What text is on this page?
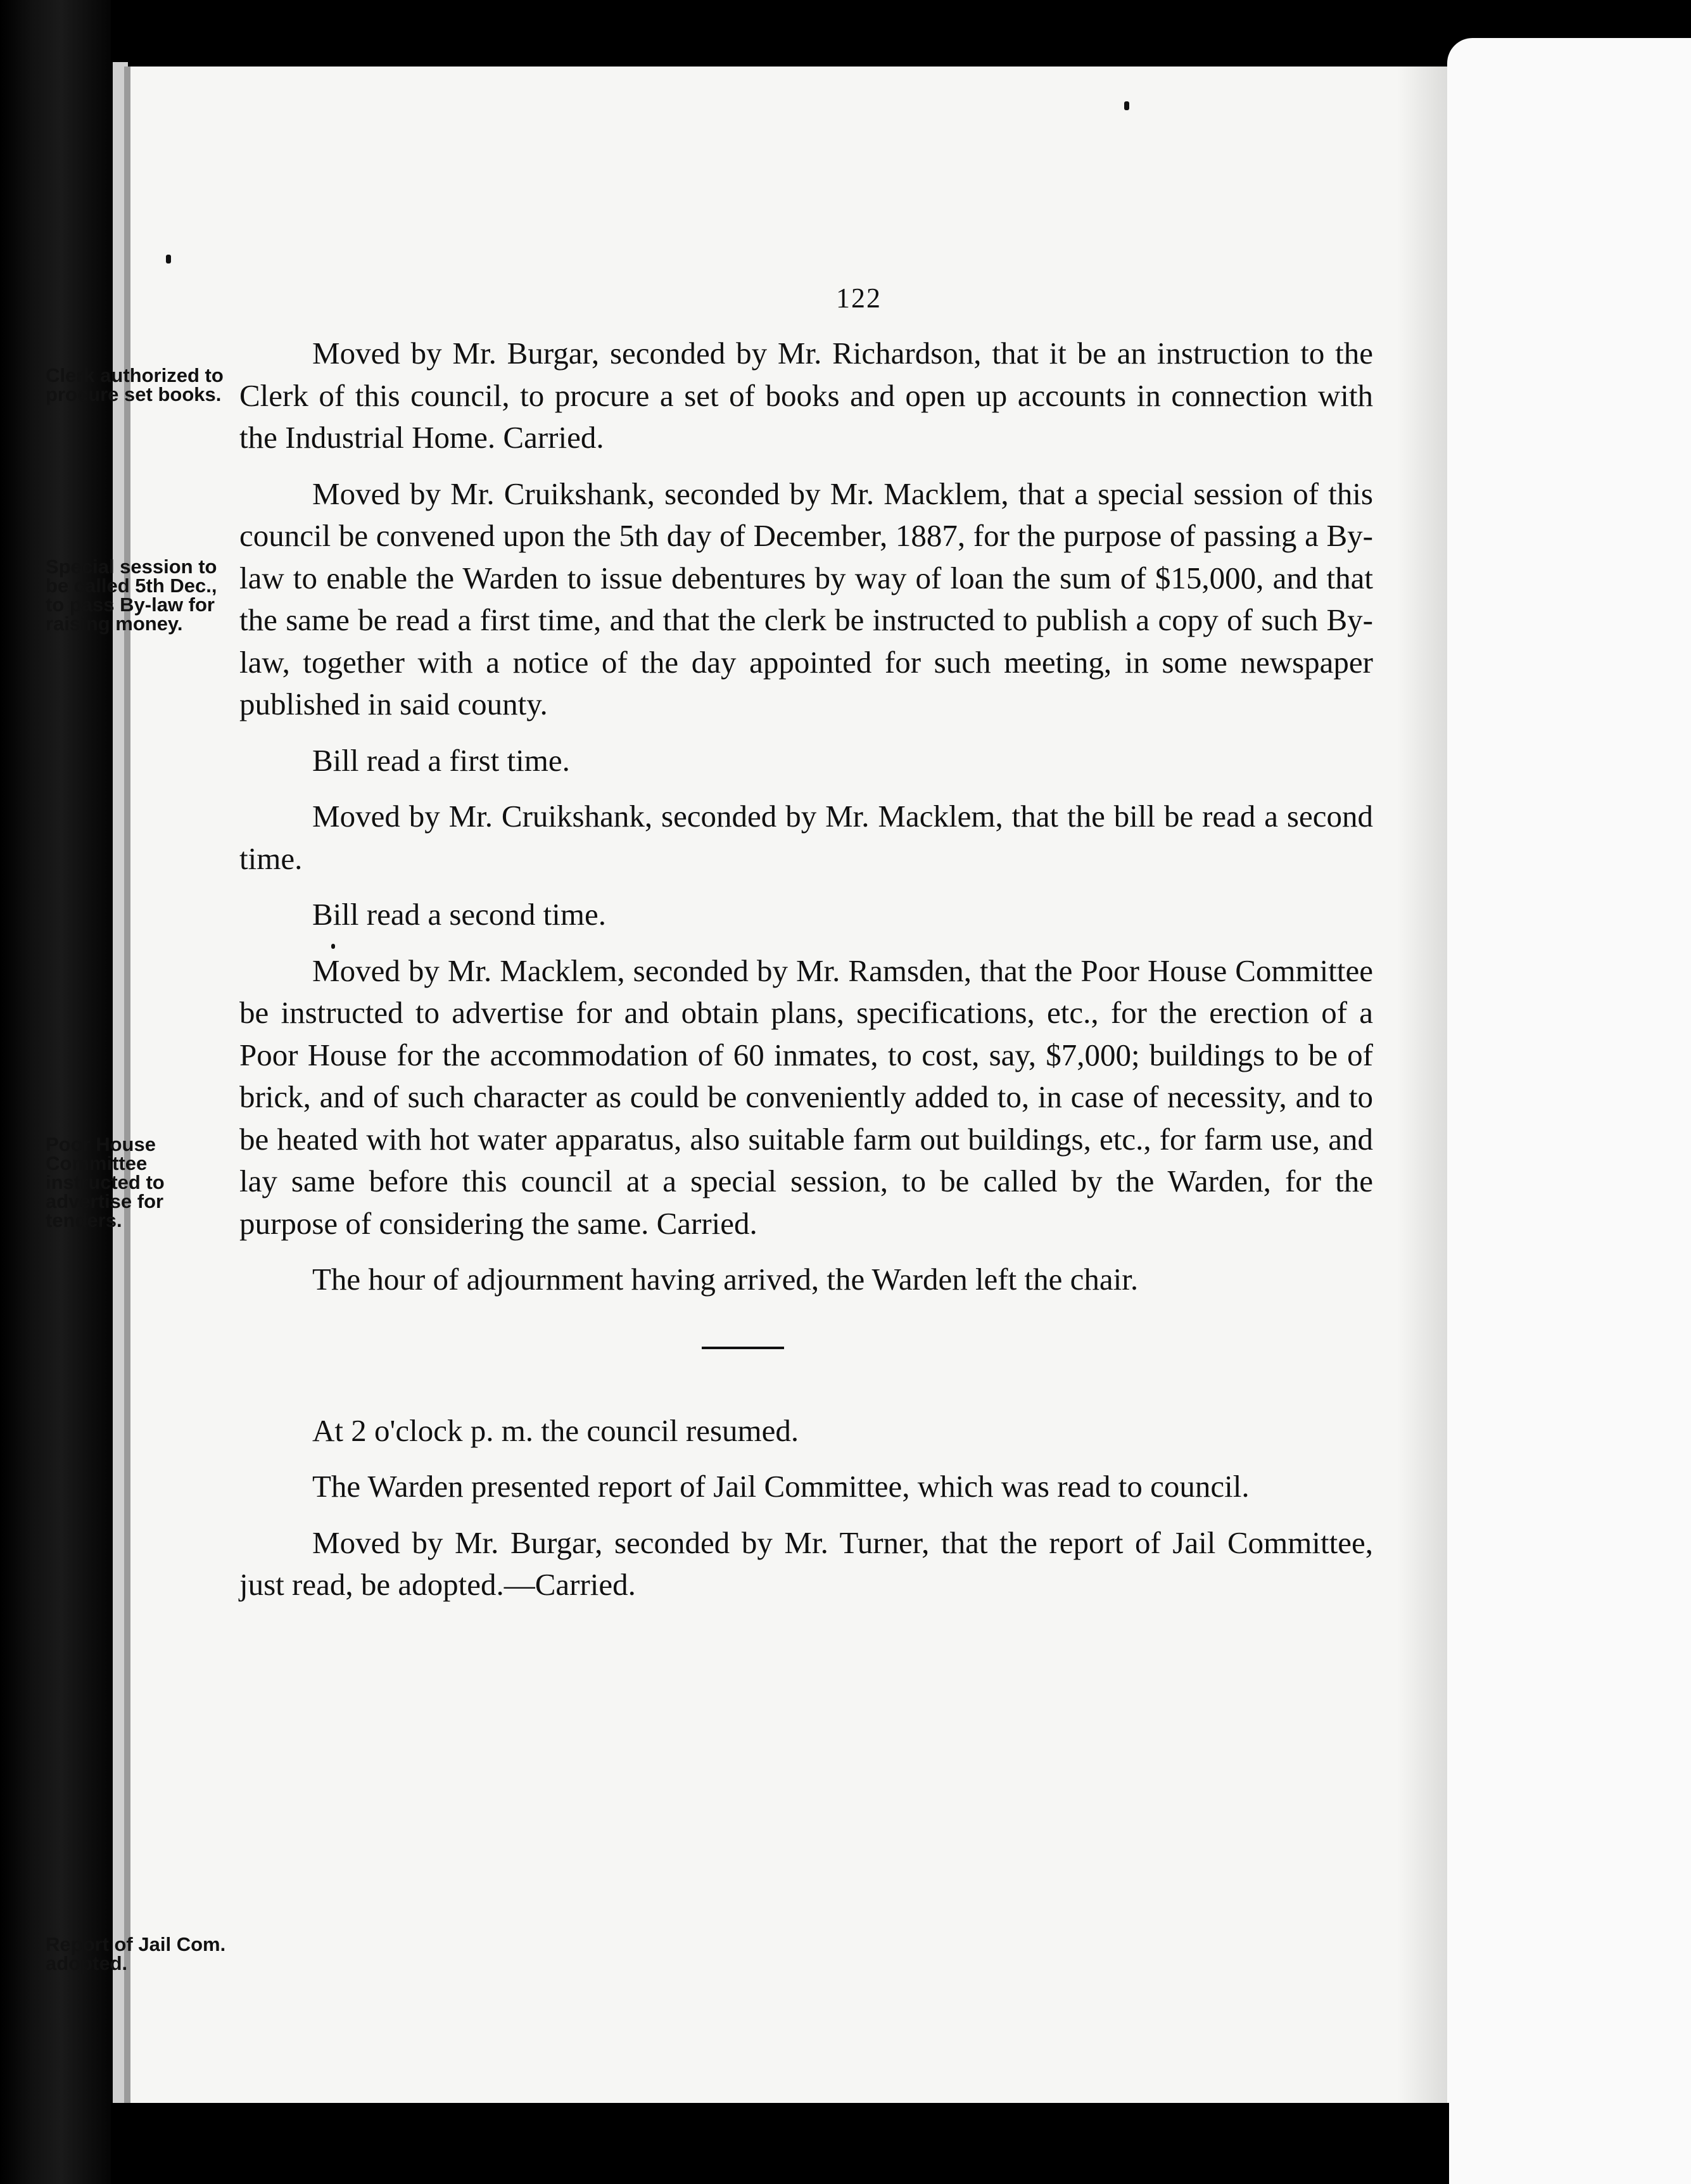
122
Clerk authorized to procure set books.
Special session to be called 5th Dec., to pass By-law for raising money.
Poor House Committee instructed to advertise for tenders.
Report of Jail Com. adopted.

Moved by Mr. Burgar, seconded by Mr. Richardson, that it be an instruction to the Clerk of this council, to procure a set of books and open up accounts in connection with the Industrial Home. Carried.

Moved by Mr. Cruikshank, seconded by Mr. Macklem, that a special session of this council be convened upon the 5th day of December, 1887, for the purpose of passing a By-law to enable the Warden to issue debentures by way of loan the sum of $15,000, and that the same be read a first time, and that the clerk be instructed to publish a copy of such By-law, together with a notice of the day appointed for such meeting, in some newspaper published in said county.

Bill read a first time.

Moved by Mr. Cruikshank, seconded by Mr. Macklem, that the bill be read a second time.

Bill read a second time.

Moved by Mr. Macklem, seconded by Mr. Ramsden, that the Poor House Committee be instructed to advertise for and obtain plans, specifications, etc., for the erection of a Poor House for the accommodation of 60 inmates, to cost, say, $7,000; buildings to be of brick, and of such character as could be conveniently added to, in case of necessity, and to be heated with hot water apparatus, also suitable farm out buildings, etc., for farm use, and lay same before this council at a special session, to be called by the Warden, for the purpose of considering the same. Carried.

The hour of adjournment having arrived, the Warden left the chair.

At 2 o'clock p. m. the council resumed.

The Warden presented report of Jail Committee, which was read to council.

Moved by Mr. Burgar, seconded by Mr. Turner, that the report of Jail Committee, just read, be adopted.—Carried.
